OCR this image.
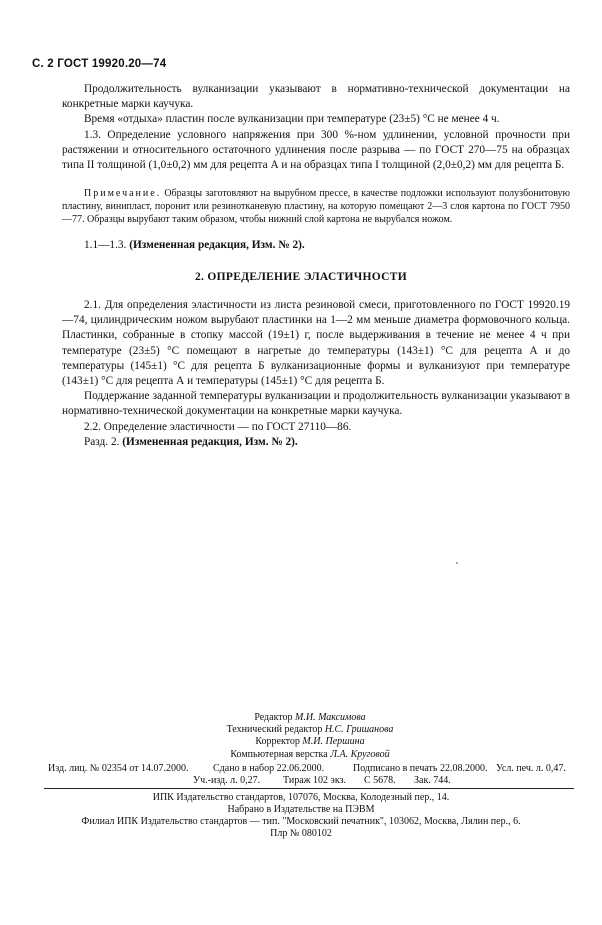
С. 2 ГОСТ 19920.20—74

Продолжительность вулканизации указывают в нормативно-технической документации на конкретные марки каучука.

Время «отдыха» пластин после вулканизации при температуре (23±5) °С не менее 4 ч.

1.3. Определение условного напряжения при 300 %-ном удлинении, условной прочности при растяжении и относительного остаточного удлинения после разрыва — по ГОСТ 270—75 на образцах типа II толщиной (1,0±0,2) мм для рецепта А и на образцах типа I толщиной (2,0±0,2) мм для рецепта Б.

Примечание. Образцы заготовляют на вырубном прессе, в качестве подложки используют полузбонитовую пластину, винипласт, поронит или резинотканевую пластину, на которую помещают 2—3 слоя картона по ГОСТ 7950—77. Образцы вырубают таким образом, чтобы нижний слой картона не вырубался ножом.

1.1—1.3. (Измененная редакция, Изм. № 2).

2. ОПРЕДЕЛЕНИЕ ЭЛАСТИЧНОСТИ

2.1. Для определения эластичности из листа резиновой смеси, приготовленного по ГОСТ 19920.19—74, цилиндрическим ножом вырубают пластинки на 1—2 мм меньше диаметра формовочного кольца. Пластинки, собранные в стопку массой (19±1) г, после выдерживания в течение не менее 4 ч при температуре (23±5) °С помещают в нагретые до температуры (143±1) °С для рецепта А и до температуры (145±1) °С для рецепта Б вулканизационные формы и вулканизуют при температуре (143±1) °С для рецепта А и температуры (145±1) °С для рецепта Б.

Поддержание заданной температуры вулканизации и продолжительность вулканизации указывают в нормативно-технической документации на конкретные марки каучука.

2.2. Определение эластичности — по ГОСТ 27110—86.

Разд. 2. (Измененная редакция, Изм. № 2).

Редактор М.И. Максимова
Технический редактор Н.С. Гришанова
Корректор М.И. Першина
Компьютерная верстка Л.А. Круговой
Изд. лиц. № 02354 от 14.07.2000. Сдано в набор 22.06.2000.	Подписано в печать 22.08.2000. Усл. печ. л. 0,47.
Уч.-изд. л. 0,27. Тираж 102 экз. С 5678. Зак. 744.
ИПК Издательство стандартов, 107076, Москва, Колодезный пер., 14.
Набрано в Издательстве на ПЭВМ
Филиал ИПК Издательство стандартов — тип. "Московский печатник", 103062, Москва, Лялин пер., 6.
Плр № 080102
